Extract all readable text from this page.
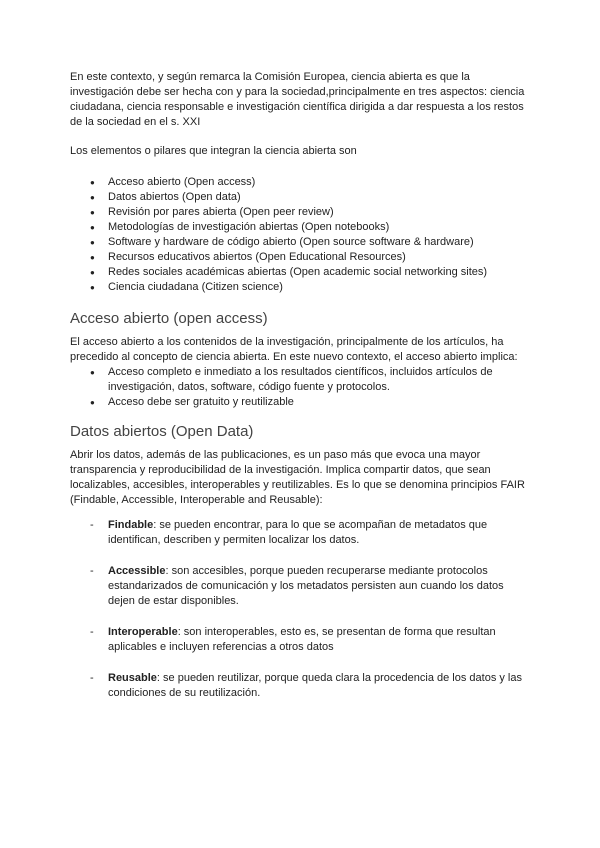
En este contexto, y según remarca la Comisión Europea, ciencia abierta es que la investigación debe ser hecha con y para la sociedad,principalmente en tres aspectos: ciencia ciudadana, ciencia responsable e investigación científica dirigida a dar respuesta a los restos de la sociedad en el s. XXI

Los elementos o pilares que integran la ciencia abierta son

● Acceso abierto (Open access)
● Datos abiertos (Open data)
● Revisión por pares abierta (Open peer review)
● Metodologías de investigación abiertas (Open notebooks)
● Software y hardware de código abierto (Open source software & hardware)
● Recursos educativos abiertos (Open Educational Resources)
● Redes sociales académicas abiertas (Open academic social networking sites)
● Ciencia ciudadana (Citizen science)
Acceso abierto (open access)

El acceso abierto a los contenidos de la investigación, principalmente de los artículos, ha precedido al concepto de ciencia abierta. En este nuevo contexto, el acceso abierto implica:

● Acceso completo e inmediato a los resultados científicos, incluidos artículos de investigación, datos, software, código fuente y protocolos.
● Acceso debe ser gratuito y reutilizable
Datos abiertos (Open Data)

Abrir los datos, además de las publicaciones, es un paso más que evoca una mayor transparencia y reproducibilidad de la investigación. Implica compartir datos, que sean localizables, accesibles, interoperables y reutilizables. Es lo que se denomina principios FAIR (Findable, Accessible, Interoperable and Reusable):

- Findable: se pueden encontrar, para lo que se acompañan de metadatos que identifican, describen y permiten localizar los datos.
- Accessible: son accesibles, porque pueden recuperarse mediante protocolos estandarizados de comunicación y los metadatos persisten aun cuando los datos dejen de estar disponibles.
- Interoperable: son interoperables, esto es, se presentan de forma que resultan aplicables e incluyen referencias a otros datos
- Reusable: se pueden reutilizar, porque queda clara la procedencia de los datos y las condiciones de su reutilización.
